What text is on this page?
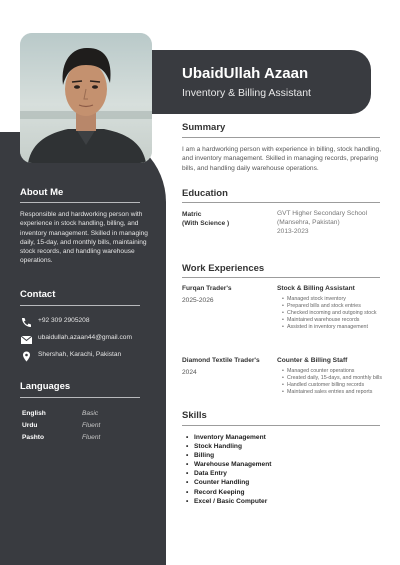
UbaidUllah Azaan
Inventory & Billing Assistant
About Me
Responsible and hardworking person with experience in stock handling, billing, and inventory management. Skilled in managing daily, 15-day, and monthly bills, maintaining stock records, and handling warehouse operations.
Contact
+92 309 2905208
ubaidullah.azaan44@gmail.com
Shershah, Karachi, Pakistan
Languages
English	Basic
Urdu	Fluent
Pashto	Fluent
Summary
I am a hardworking person with experience in billing, stock handling, and inventory management. Skilled in managing records, preparing bills, and handling daily warehouse operations.
Education
Matric
(With Science )
GVT Higher Secondary School
(Mansehra, Pakistan)
2013-2023
Work Experiences
Furqan Trader's
2025-2026
Stock & Billing Assistant
• Managed stock inventory
• Prepared bills and stock entries
• Checked incoming and outgoing stock
• Maintained warehouse records
• Assisted in inventory management
Diamond Textile Trader's
2024
Counter & Billing Staff
• Managed counter operations
• Created daily, 15-days, and monthly bills
• Handled customer billing records
• Maintained sales entries and reports
Skills
• Inventory Management
• Stock Handling
• Billing
• Warehouse Management
• Data Entry
• Counter Handling
• Record Keeping
• Excel / Basic Computer
